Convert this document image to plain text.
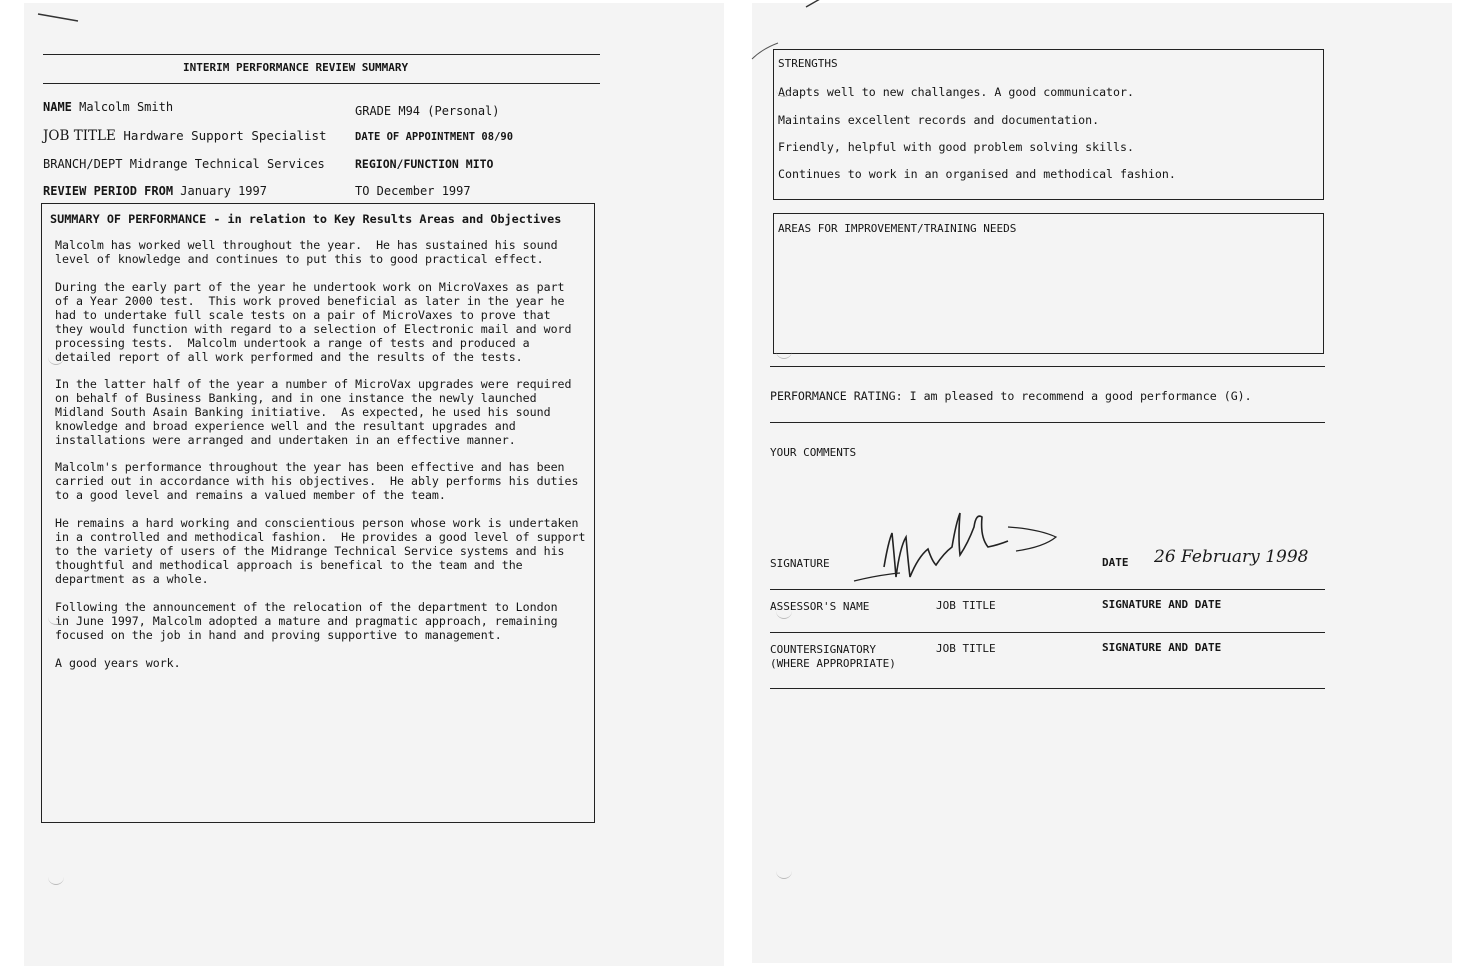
INTERIM PERFORMANCE REVIEW SUMMARY
NAME Malcolm Smith	GRADE M94 (Personal)
JOB TITLE Hardware Support Specialist	DATE OF APPOINTMENT 08/90
BRANCH/DEPT Midrange Technical Services	REGION/FUNCTION MITO
REVIEW PERIOD FROM January 1997	TO December 1997
SUMMARY OF PERFORMANCE - in relation to Key Results Areas and Objectives
Malcolm has worked well throughout the year.  He has sustained his sound
level of knowledge and continues to put this to good practical effect.
During the early part of the year he undertook work on MicroVaxes as part
of a Year 2000 test.  This work proved beneficial as later in the year he
had to undertake full scale tests on a pair of MicroVaxes to prove that
they would function with regard to a selection of Electronic mail and word
processing tests.  Malcolm undertook a range of tests and produced a
detailed report of all work performed and the results of the tests.
In the latter half of the year a number of MicroVax upgrades were required
on behalf of Business Banking, and in one instance the newly launched
Midland South Asain Banking initiative.  As expected, he used his sound
knowledge and broad experience well and the resultant upgrades and
installations were arranged and undertaken in an effective manner.
Malcolm's performance throughout the year has been effective and has been
carried out in accordance with his objectives.  He ably performs his duties
to a good level and remains a valued member of the team.
He remains a hard working and conscientious person whose work is undertaken
in a controlled and methodical fashion.  He provides a good level of support
to the variety of users of the Midrange Technical Service systems and his
thoughtful and methodical approach is benefical to the team and the
department as a whole.
Following the announcement of the relocation of the department to London
in June 1997, Malcolm adopted a mature and pragmatic approach, remaining
focused on the job in hand and proving supportive to management.
A good years work.
STRENGTHS
Adapts well to new challanges. A good communicator.
Maintains excellent records and documentation.
Friendly, helpful with good problem solving skills.
Continues to work in an organised and methodical fashion.
AREAS FOR IMPROVEMENT/TRAINING NEEDS
PERFORMANCE RATING: I am pleased to recommend a good performance (G).
YOUR COMMENTS
SIGNATURE	DATE 26 February 1998
ASSESSOR'S NAME	JOB TITLE	SIGNATURE AND DATE
COUNTERSIGNATORY
(WHERE APPROPRIATE)
JOB TITLE	SIGNATURE AND DATE
